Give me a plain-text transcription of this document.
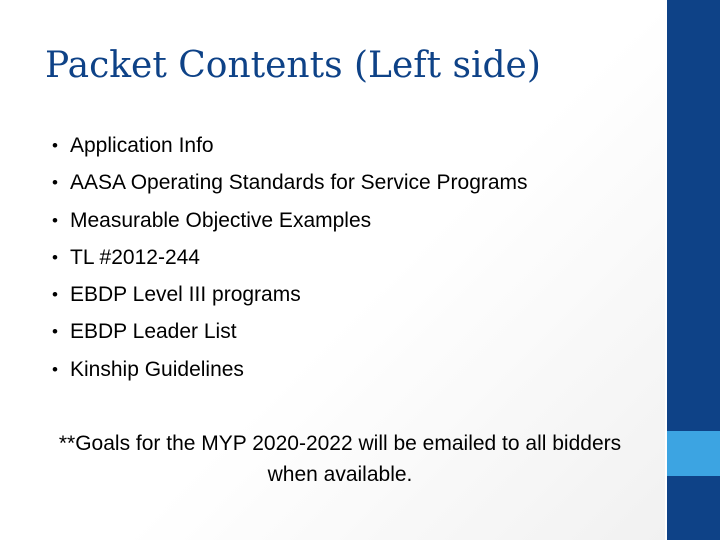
Packet Contents (Left side)
• Application Info
• AASA Operating Standards for Service Programs
• Measurable Objective Examples
• TL #2012-244
• EBDP Level III programs
• EBDP Leader List
• Kinship Guidelines

**Goals for the MYP 2020-2022 will be emailed to all bidders when available.
